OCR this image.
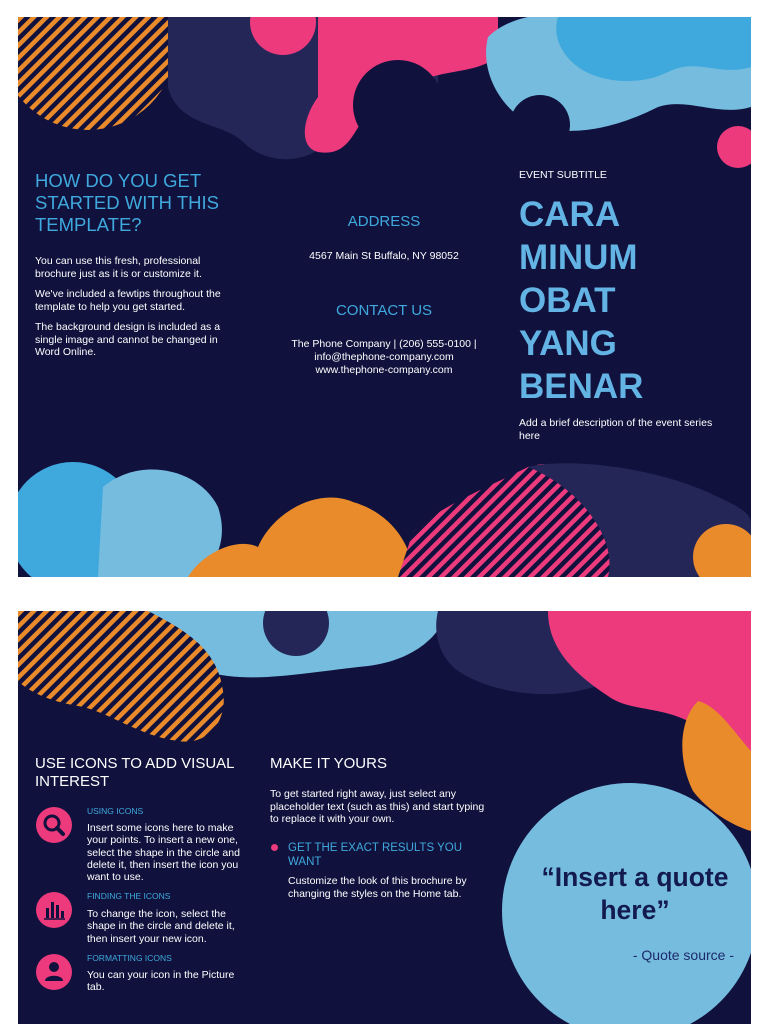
HOW DO YOU GET STARTED WITH THIS TEMPLATE?

You can use this fresh, professional brochure just as it is or customize it.

We've included a fewtips throughout the template to help you get started.

The background design is included as a single image and cannot be changed in Word Online.

ADDRESS
4567 Main St Buffalo, NY 98052
CONTACT US
The Phone Company | (206) 555-0100 |
info@thephone-company.com
www.thephone-company.com
EVENT SUBTITLE
CARA
MINUM
OBAT
YANG
BENAR
Add a brief description of the event series here
USE ICONS TO ADD VISUAL INTEREST
USING ICONS
Insert some icons here to make your points. To insert a new one, select the shape in the circle and delete it, then insert the icon you want to use.
FINDING THE ICONS
To change the icon, select the shape in the circle and delete it, then insert your new icon.
FORMATTING ICONS
You can your icon in the Picture tab.
MAKE IT YOURS
To get started right away, just select any placeholder text (such as this) and start typing to replace it with your own.
GET THE EXACT RESULTS YOU WANT
Customize the look of this brochure by changing the styles on the Home tab.
“Insert a quote here”
- Quote source -
